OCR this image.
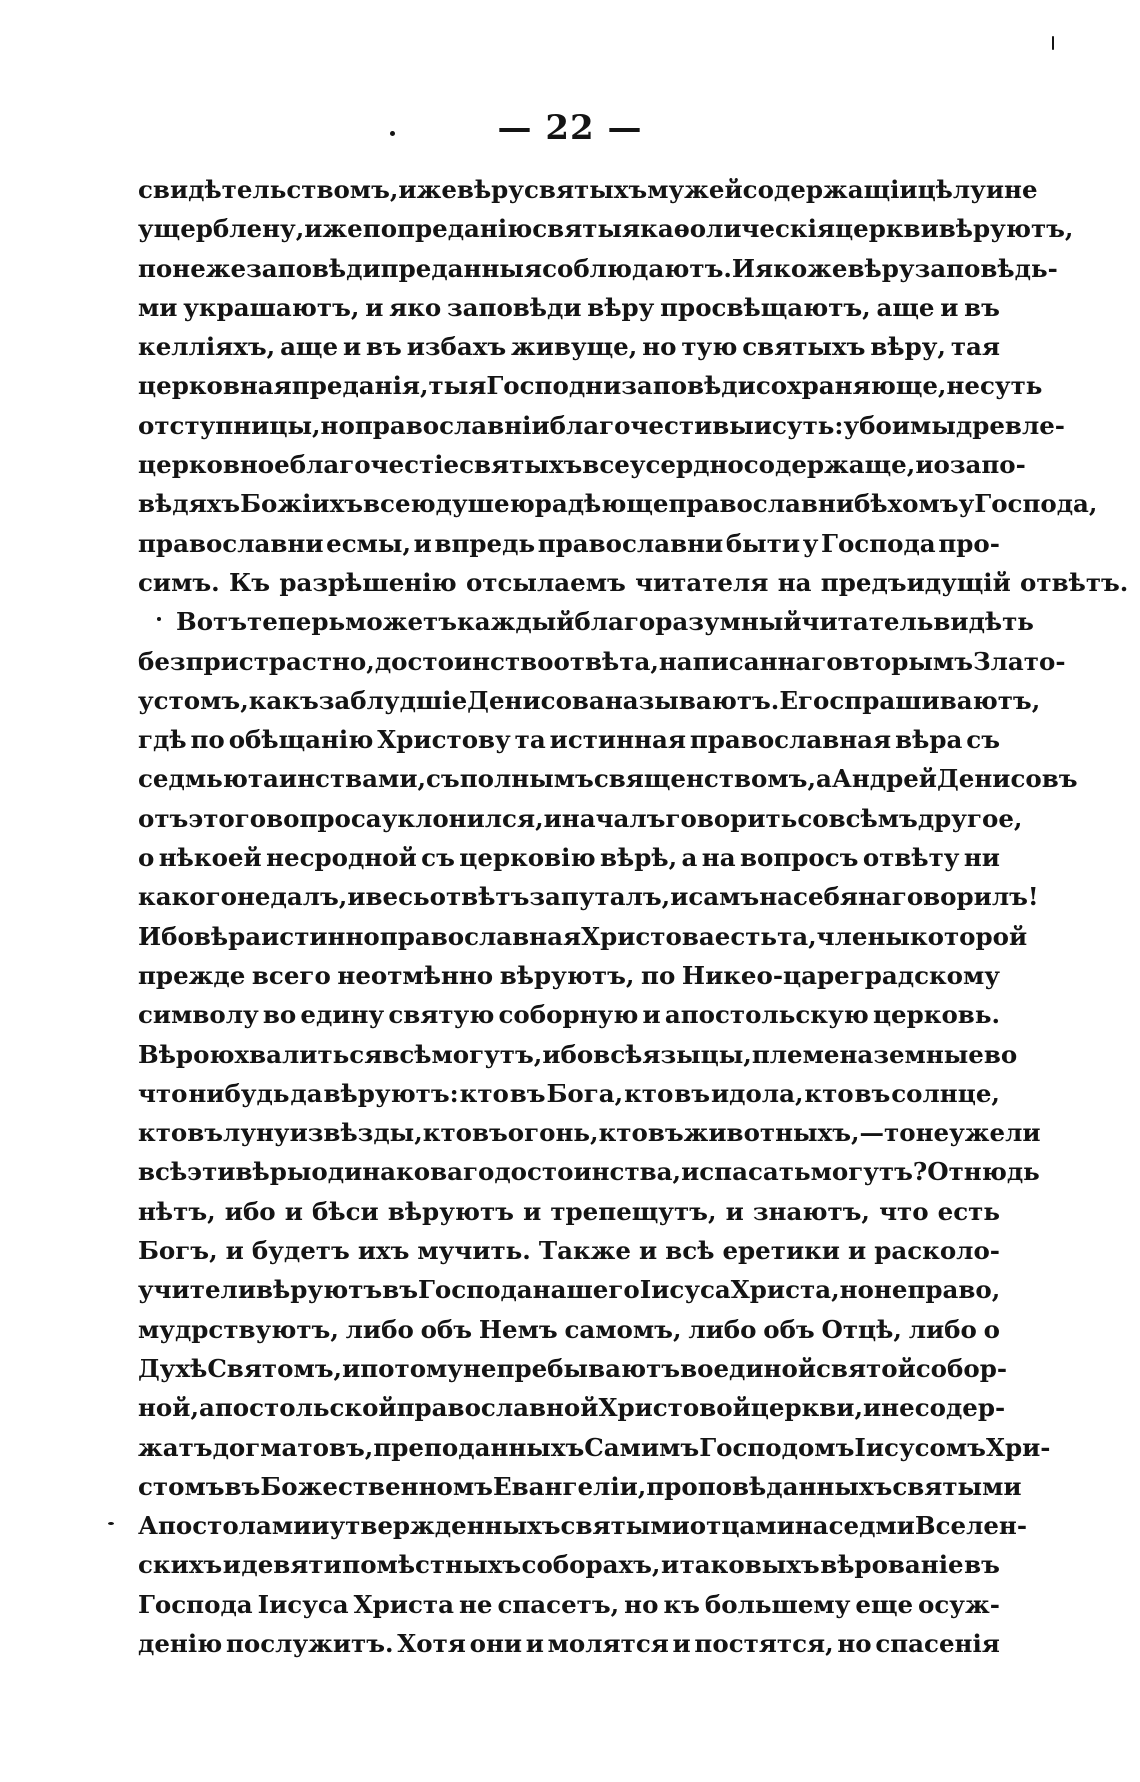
— 22 —
свидѣтельствомъ, иже вѣру святыхъ мужей содержащіи цѣлу и не
ущерблену, иже по преданію святыя каѳолическія церкви вѣруютъ,
понеже заповѣди преданныя соблюдаютъ. И якоже вѣру заповѣдь-
ми украшаютъ, и яко заповѣди вѣру просвѣщаютъ, аще и въ
келліяхъ, аще и въ избахъ живуще, но тую святыхъ вѣру, тая
церковная преданія, тыя Господни заповѣди сохраняюще, не суть
отступницы, но православніи благочестивыи суть: убо и мы древле-
церковное благочестіе святыхъ всеусердно содержаще, и о запо-
вѣдяхъ Божіихъ всею душею радѣюще православни бѣхомъ у Господа,
православни есмы, и впредь православни быти у Господа про-
симъ. Къ разрѣшенію отсылаемъ читателя на предъидущій отвѣтъ.
Вотъ теперь можетъ каждый благоразумный читатель видѣть
безпристрастно, достоинство отвѣта, написаннаго вторымъ Злато-
устомъ, какъ заблудшіе Денисова называютъ. Его спрашиваютъ,
гдѣ по обѣщанію Христову та истинная православная вѣра съ
седмью таинствами, съ полнымъ священствомъ, а Андрей Денисовъ
отъ этого вопроса уклонился, и началъ говорить совсѣмъ другое,
о нѣкоей несродной съ церковію вѣрѣ, а на вопросъ отвѣту ни
какого не далъ, и весь отвѣтъ запуталъ, и самъ на себя наговорилъ!
Ибо вѣра истинно православная Христова есть та, члены которой
прежде всего неотмѣнно вѣруютъ, по Никео-цареградскому
символу во едину святую соборную и апостольскую церковь.
Вѣрою хвалиться всѣ могутъ, ибо всѣ языцы, племена земные во
что нибудь да вѣруютъ: кто въ Бога, кто въ идола, кто въ солнце,
кто въ луну и звѣзды, кто въ огонь, кто въ животныхъ, —то неужели
всѣ эти вѣры одинаковаго достоинства, и спасать могутъ? Отнюдь
нѣтъ, ибо и бѣси вѣруютъ и трепещутъ, и знаютъ, что есть
Богъ, и будетъ ихъ мучить. Также и всѣ еретики и расколо-
учители вѣруютъ въ Господа нашего Іисуса Христа, но не право,
мудрствуютъ, либо объ Немъ самомъ, либо объ Отцѣ, либо о
Духѣ Святомъ, и потому не пребываютъ во единой святой собор-
ной, апостольской православной Христовой церкви, и не содер-
жатъ догматовъ, преподанныхъ Самимъ Господомъ Іисусомъ Хри-
стомъ въ Божественномъ Евангеліи, проповѣданныхъ святыми
Апостолами и утвержденныхъ святыми отцами на седми Вселен-
скихъ и девяти помѣстныхъ соборахъ, и таковыхъ вѣрованіе въ
Господа Іисуса Христа не спасетъ, но къ большему еще осуж-
денію послужитъ. Хотя они и молятся и постятся, но спасенія
